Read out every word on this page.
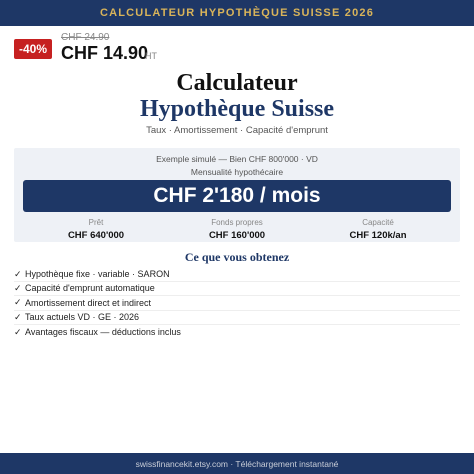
CALCULATEUR HYPOTHÈQUE SUISSE 2026
-40%
CHF 24.90
CHF 14.90
HT
Calculateur
Hypothèque Suisse
Taux · Amortissement · Capacité d'emprunt
Exemple simulé — Bien CHF 800'000 · VD
Mensualité hypothécaire
CHF 2'180 / mois
Prêt
CHF 640'000
Fonds propres
CHF 160'000
Capacité
CHF 120k/an
Ce que vous obtenez
✓ Hypothèque fixe · variable · SARON
✓ Capacité d'emprunt automatique
✓ Amortissement direct et indirect
✓ Taux actuels VD · GE · 2026
✓ Avantages fiscaux — déductions inclus
swissfinancekit.etsy.com · Téléchargement instantané
